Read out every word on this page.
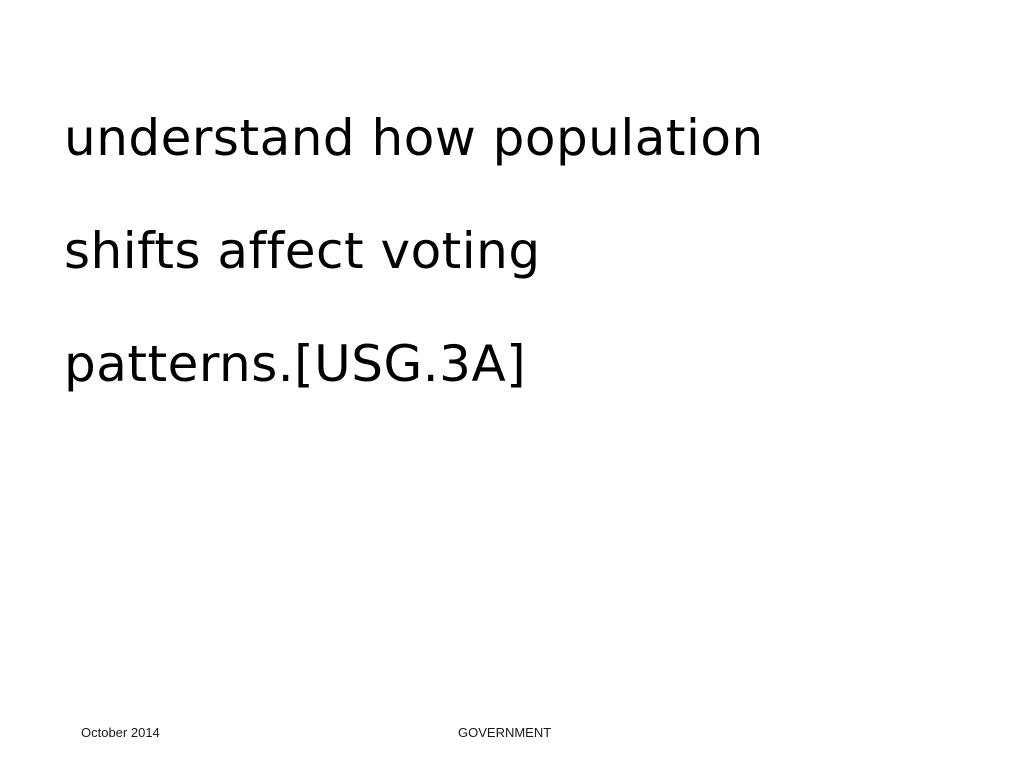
understand how population
shifts affect voting
patterns.[USG.3A]
October 2014	GOVERNMENT
